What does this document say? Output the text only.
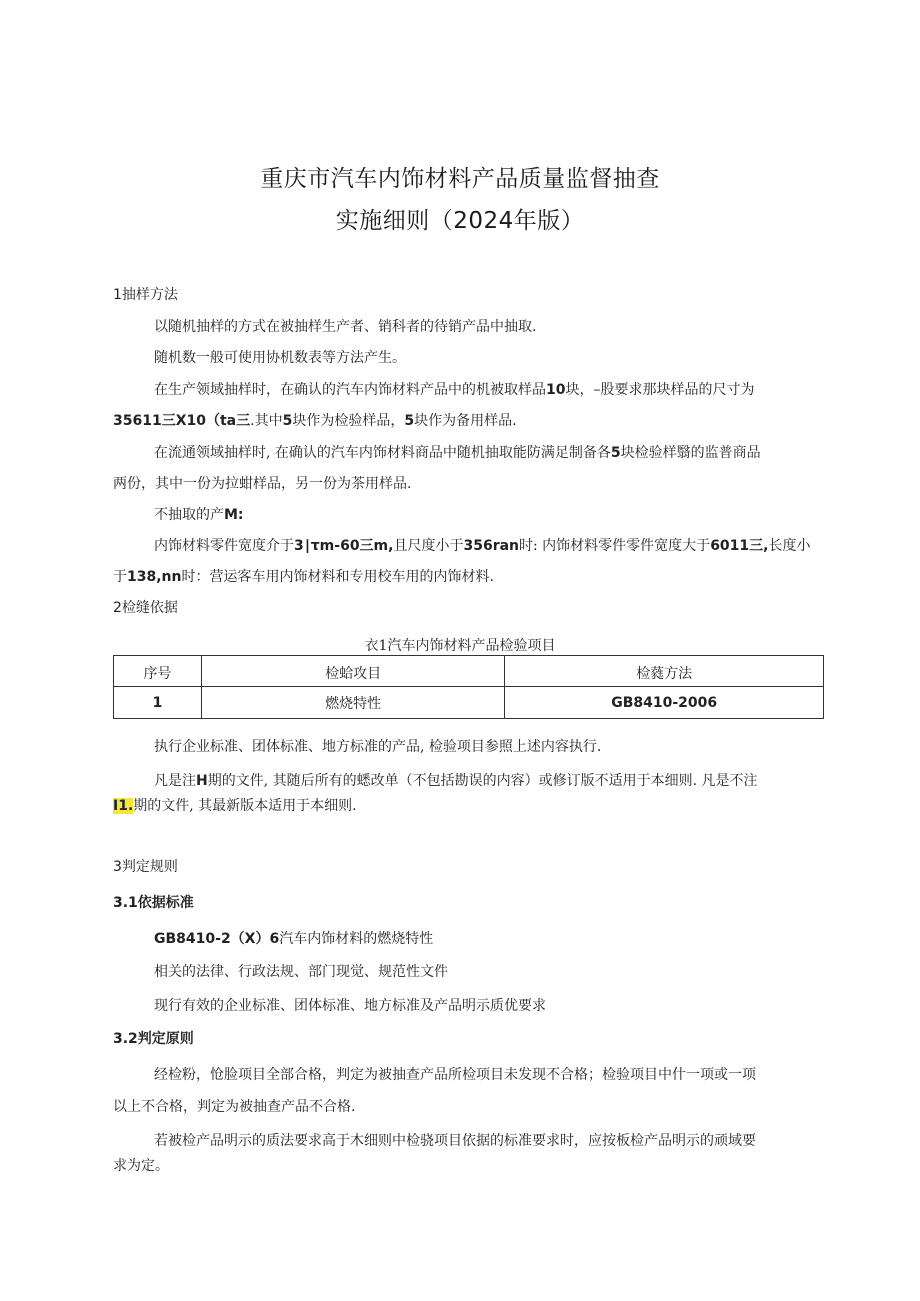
重庆市汽车内饰材料产品质量监督抽查
实施细则（2024年版）
1抽样方法
以随机抽样的方式在被抽样生产者、销科者的待销产品中抽取.
随机数一般可使用协机数表等方法产生。
在生产领域抽样时，在确认的汽车内饰材料产品中的机被取样品10块，–股要求那块样品的尺寸为
35611三X10（ta三.其中5块作为检验样品，5块作为备用样品.
在流通领域抽样时, 在确认的汽车内饰材料商品中随机抽取能防满足制备各5块检验样翳的监普商品
两份，其中一份为拉蚶样品，另一份为茶用样品.
不抽取的产M:
内饰材料零件宽度介于3∣τm-60三m,且尺度小于356ran时: 内饰材料零件零件宽度大于6011三,长度小
于138,nn时：营运客车用内饰材料和专用校车用的内饰材料.
2检缝依据
衣1汽车内饰材料产品检验项目
序号	检蛤攻目	检蕤方法
1	燃烧特性	GB8410-2006
执行企业标准、团体标准、地方标准的产品, 检验项目参照上述内容执行.
凡是注H期的文件, 其随后所有的蟋改单（不包括勘误的内容）或修订版不适用于本细则. 凡是不注
I1.期的文件, 其最新版本适用于本细则.
3判定规则
3.1依据标准
GB8410-2（X）6汽车内饰材料的燃烧特性
相关的法律、行政法规、部门现觉、规范性文件
现行有效的企业标准、团体标准、地方标准及产品明示质优要求
3.2判定原则
经检粉，怆脸项目全部合格，判定为被抽查产品所检项目未发现不合格；检验项目中什一项或一项
以上不合格，判定为被抽查产品不合格.
若被检产品明示的质法要求高于木细则中检骁项目依据的标准要求时，应按板检产品明示的顽域要
求为定。
